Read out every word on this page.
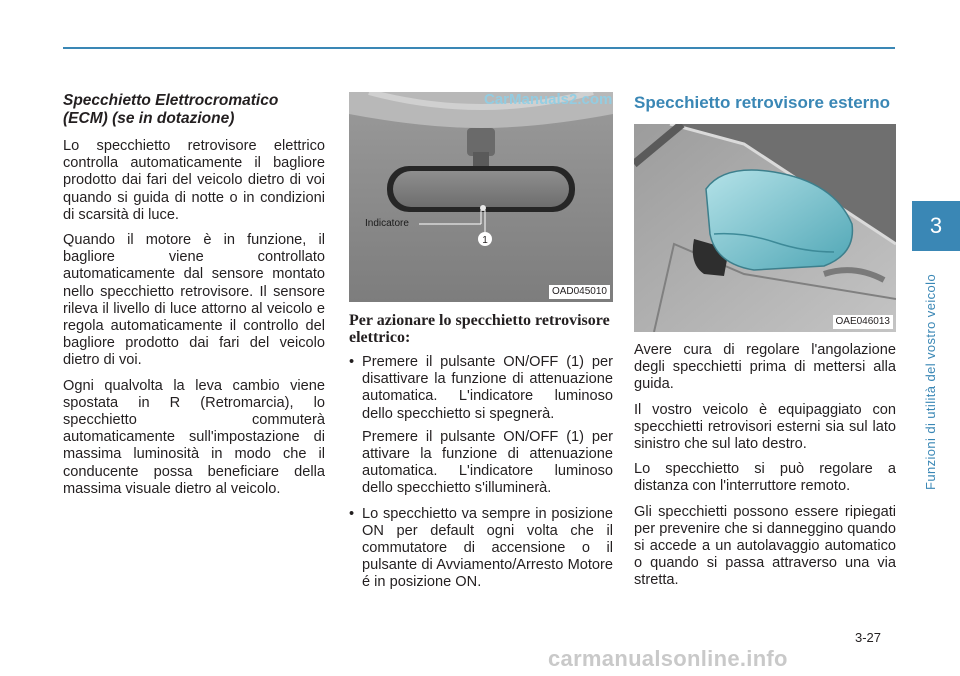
Specchietto Elettrocromatico (ECM) (se in dotazione)

Lo specchietto retrovisore elettrico controlla automaticamente il bagliore prodotto dai fari del veicolo dietro di voi quando si guida di notte o in condizioni di scarsità di luce.

Quando il motore è in funzione, il bagliore viene controllato automaticamente dal sensore montato nello specchietto retrovisore. Il sensore rileva il livello di luce attorno al veicolo e regola automaticamente il controllo del bagliore prodotto dai fari del veicolo dietro di voi.

Ogni qualvolta la leva cambio viene spostata in R (Retromarcia), lo specchietto commuterà automaticamente sull'impostazione di massima luminosità in modo che il conducente possa beneficiare della massima visuale dietro al veicolo.

1
Indicatore
OAD045010
Per azionare lo specchietto retrovisore elettrico:
• Premere il pulsante ON/OFF (1) per disattivare la funzione di attenuazione automatica. L'indicatore luminoso dello specchietto si spegnerà.

Premere il pulsante ON/OFF (1) per attivare la funzione di attenuazione automatica. L'indicatore luminoso dello specchietto s'illuminerà.

• Lo specchietto va sempre in posizione ON per default ogni volta che il commutatore di accensione o il pulsante di Avviamento/Arresto Motore é in posizione ON.

Specchietto retrovisore esterno
OAE046013

Avere cura di regolare l'angolazione degli specchietti prima di mettersi alla guida.

Il vostro veicolo è equipaggiato con specchietti retrovisori esterni sia sul lato sinistro che sul lato destro.

Lo specchietto si può regolare a distanza con l'interruttore remoto.

Gli specchietti possono essere ripiegati per prevenire che si danneggino quando si accede a un autolavaggio automatico o quando si passa attraverso una via stretta.

3
Funzioni di utilità del vostro veicolo
3-27
CarManuals2.com
carmanualsonline.info
